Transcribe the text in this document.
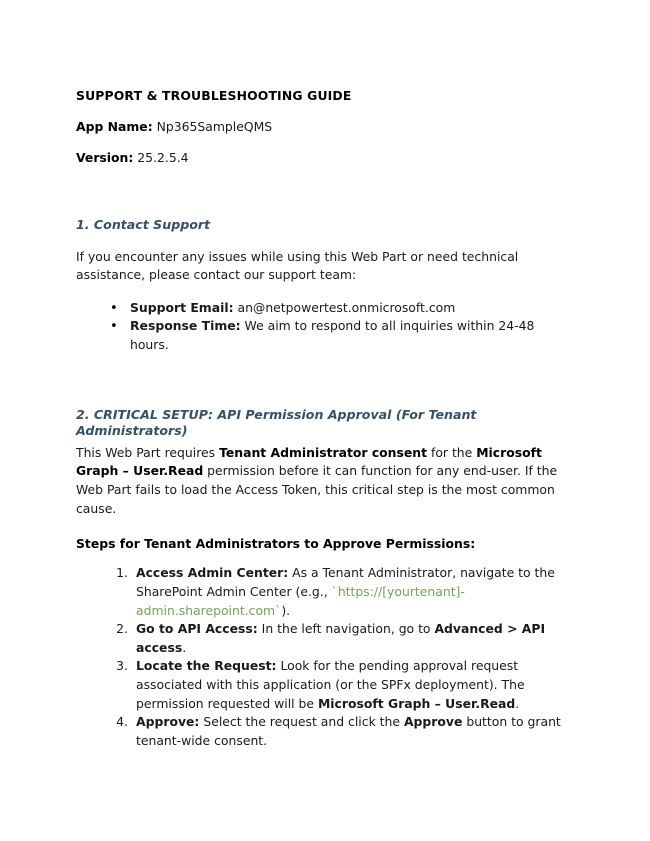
SUPPORT & TROUBLESHOOTING GUIDE

App Name: Np365SampleQMS

Version: 25.2.5.4

1. Contact Support

If you encounter any issues while using this Web Part or need technical assistance, please contact our support team:

• Support Email: an@netpowertest.onmicrosoft.com
• Response Time: We aim to respond to all inquiries within 24-48 hours.
2. CRITICAL SETUP: API Permission Approval (For Tenant Administrators)

This Web Part requires Tenant Administrator consent for the Microsoft Graph – User.Read permission before it can function for any end-user. If the Web Part fails to load the Access Token, this critical step is the most common cause.

Steps for Tenant Administrators to Approve Permissions:

Access Admin Center: As a Tenant Administrator, navigate to the SharePoint Admin Center (e.g., `https://[yourtenant]-admin.sharepoint.com`).
Go to API Access: In the left navigation, go to Advanced > API access.
Locate the Request: Look for the pending approval request associated with this application (or the SPFx deployment). The permission requested will be Microsoft Graph – User.Read.
Approve: Select the request and click the Approve button to grant tenant-wide consent.
